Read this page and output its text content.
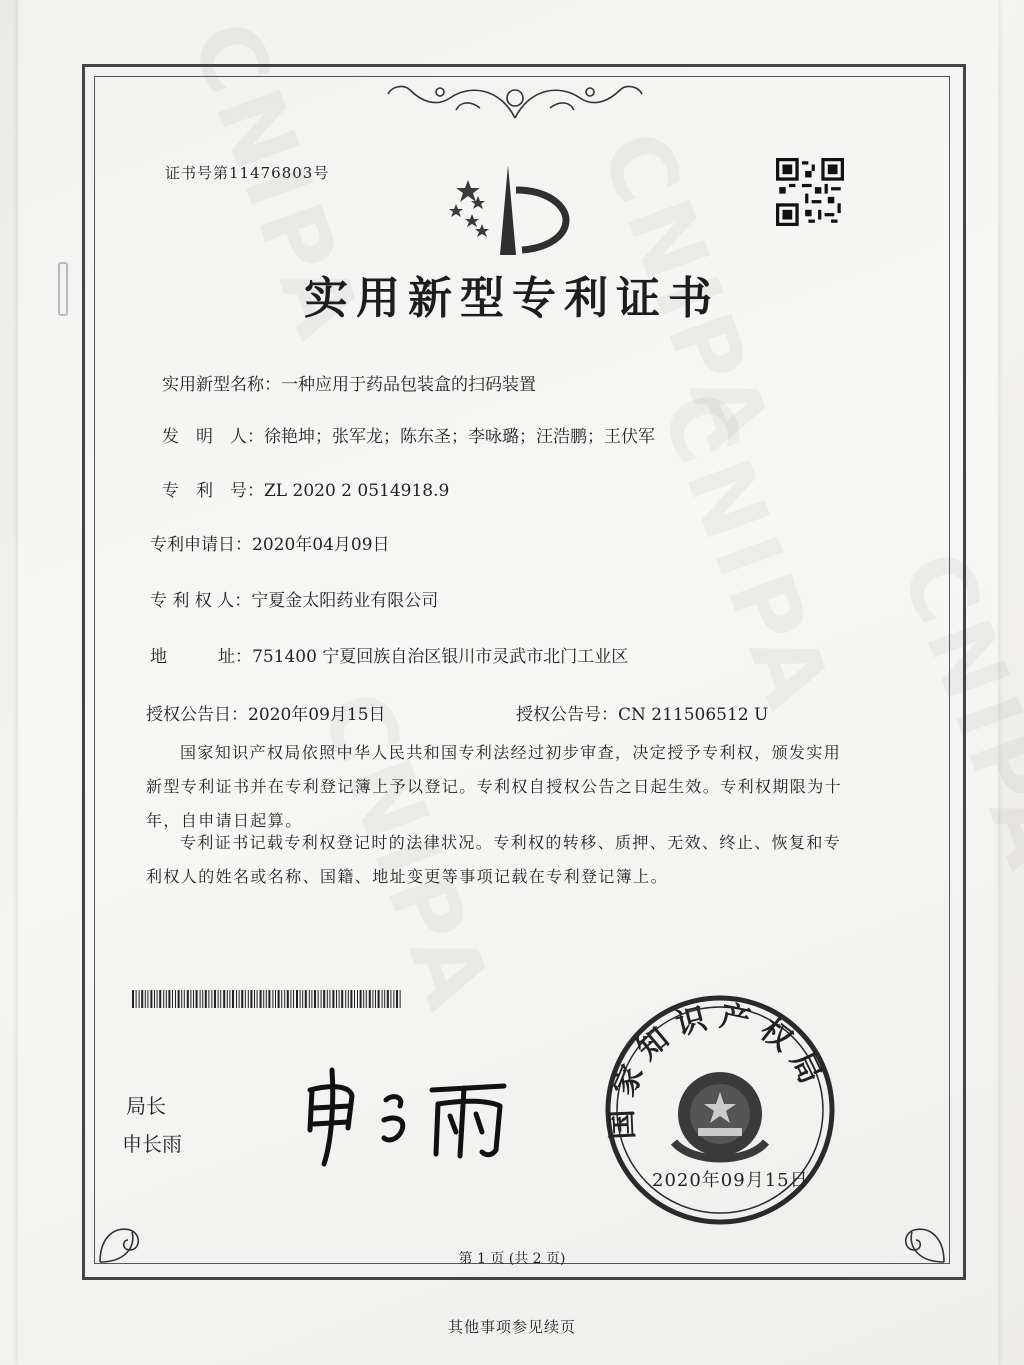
证书号第11476803号
实用新型专利证书
实用新型名称：一种应用于药品包装盒的扫码装置
发　明　人：徐艳坤；张军龙；陈东圣；李咏璐；汪浩鹏；王伏军
专　利　号：ZL 2020 2 0514918.9
专利申请日：2020年04月09日
专 利 权 人：宁夏金太阳药业有限公司
地　　　址：751400 宁夏回族自治区银川市灵武市北门工业区
授权公告日：2020年09月15日	授权公告号：CN 211506512 U
国家知识产权局依照中华人民共和国专利法经过初步审查，决定授予专利权，颁发实用
新型专利证书并在专利登记簿上予以登记。专利权自授权公告之日起生效。专利权期限为十
年，自申请日起算。
专利证书记载专利权登记时的法律状况。专利权的转移、质押、无效、终止、恢复和专
利权人的姓名或名称、国籍、地址变更等事项记载在专利登记簿上。
局长
申长雨
国家知识产权局
2020年09月15日
第 1 页 (共 2 页)
其他事项参见续页
